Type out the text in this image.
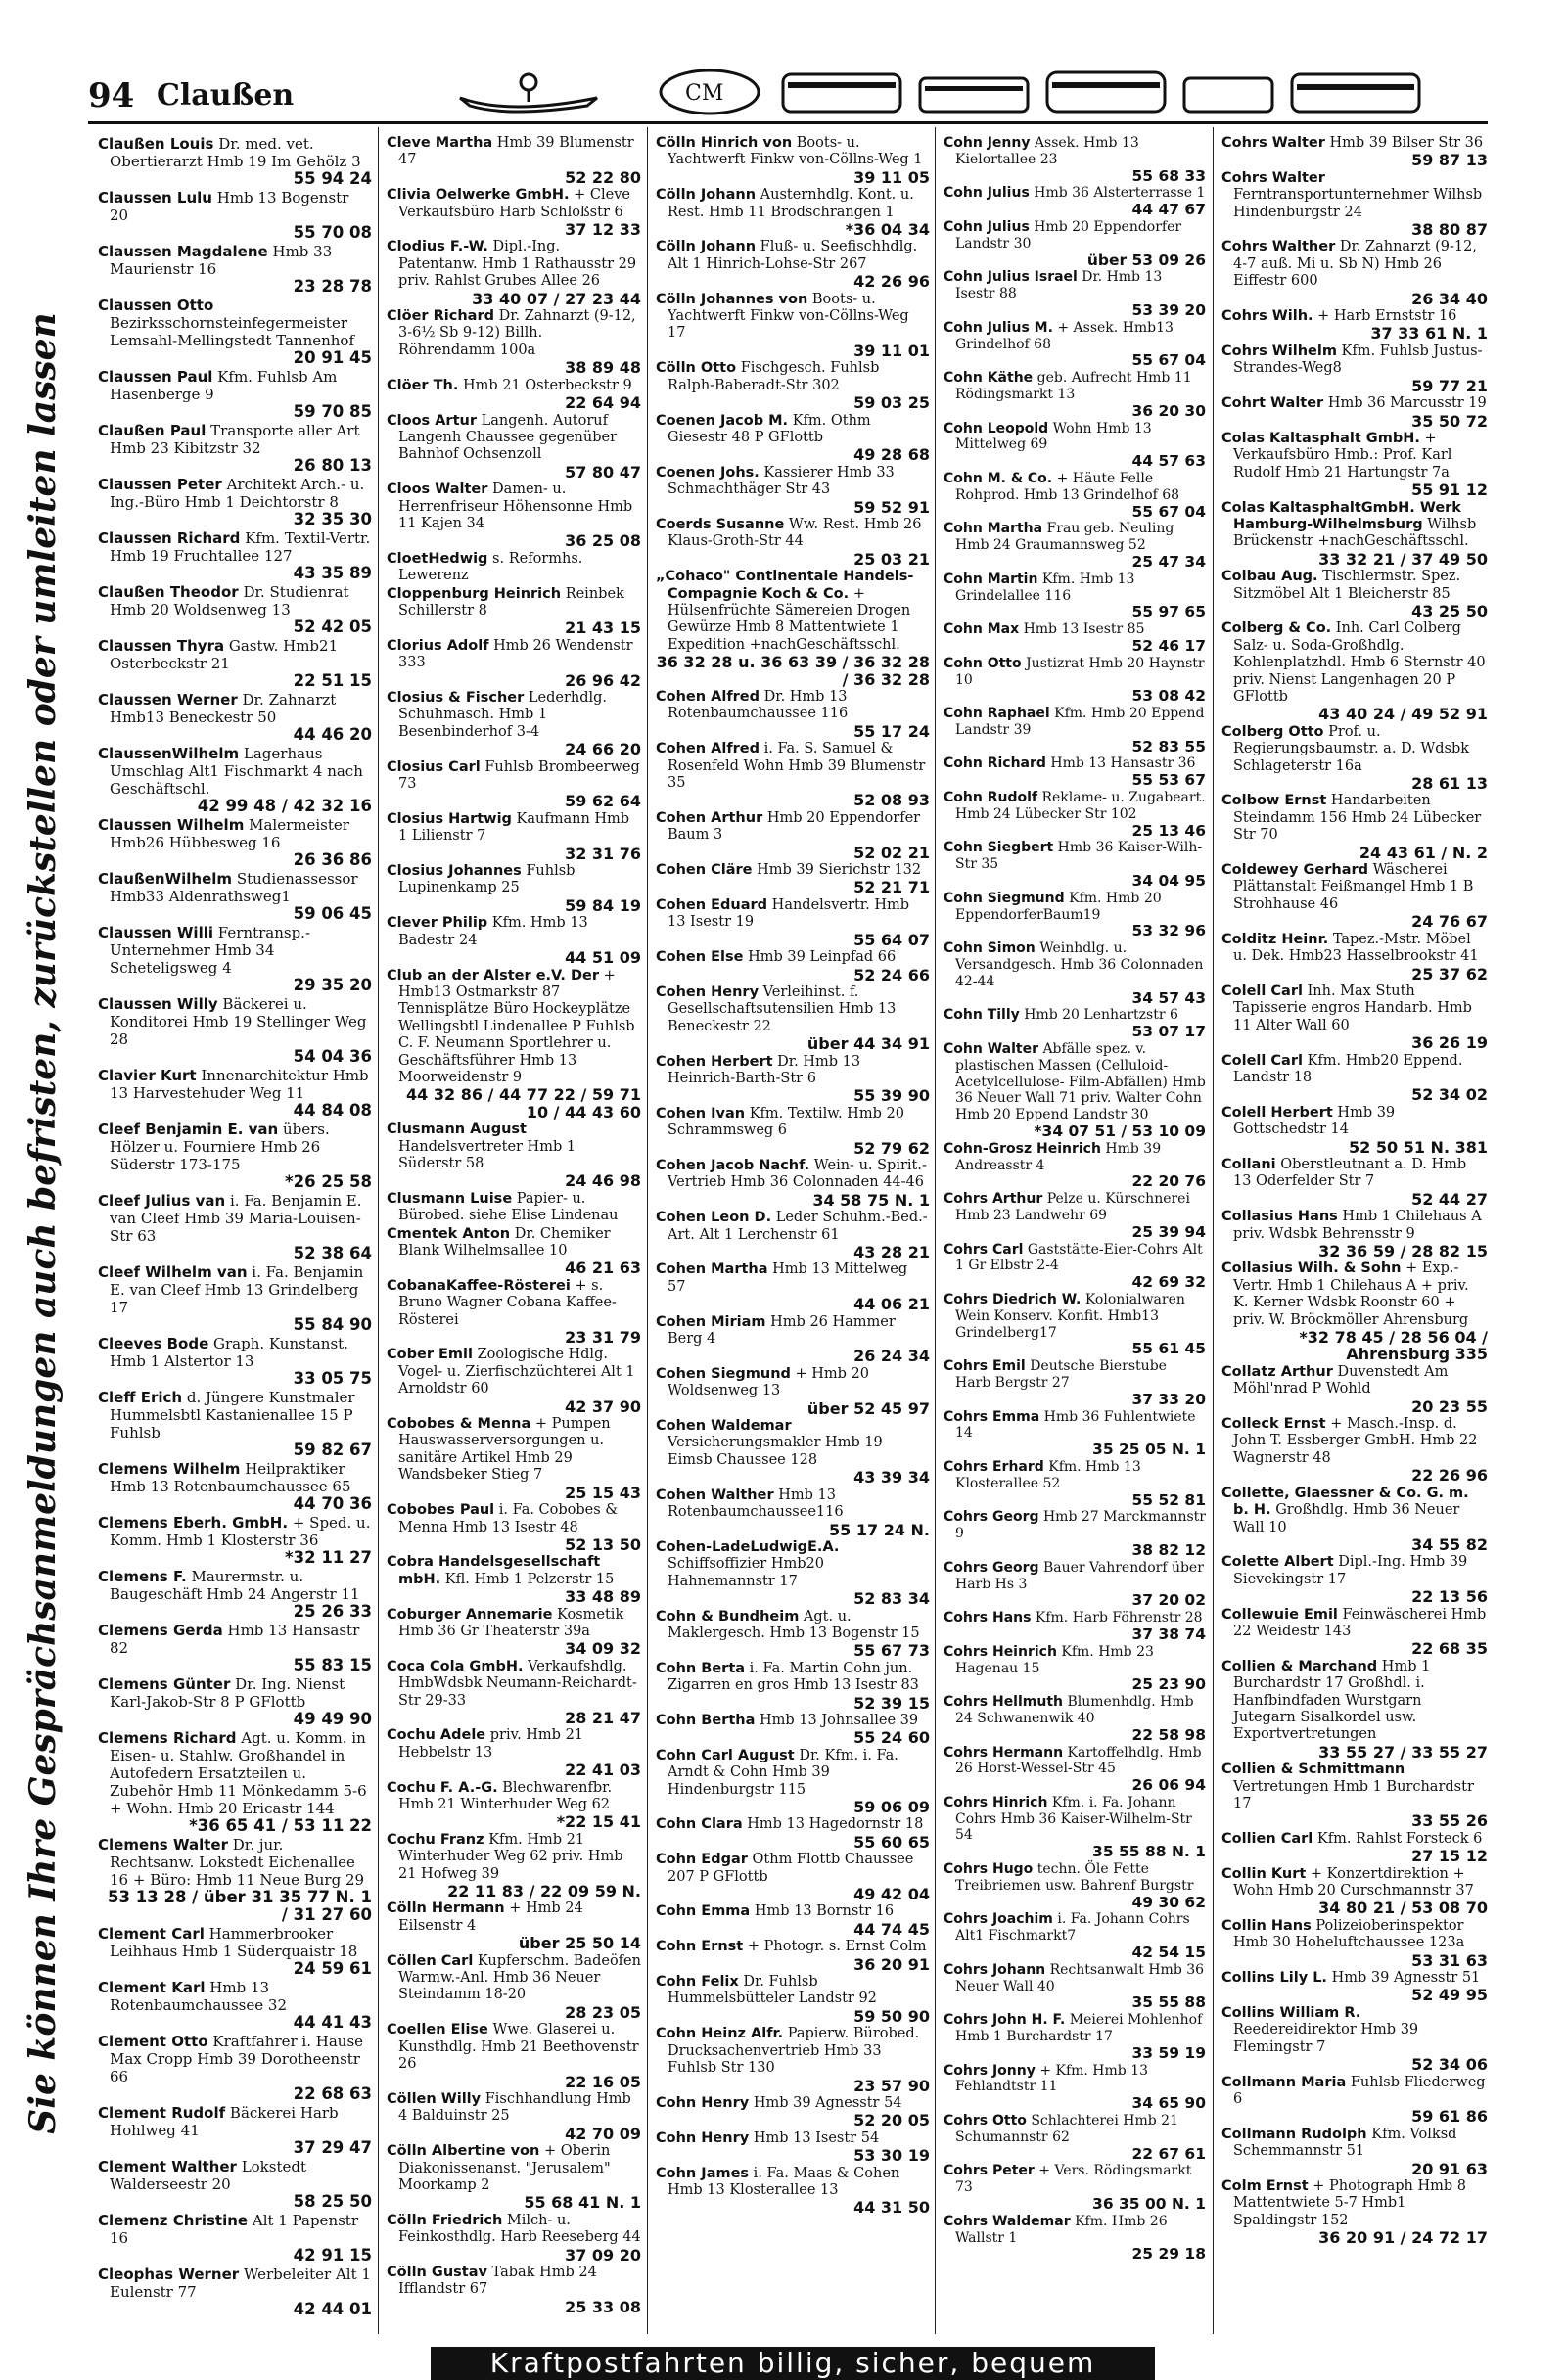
94 Claußen	CM
Sie können Ihre Gesprächsanmeldungen auch befristen, zurückstellen oder umleiten lassen
Claußen Louis Dr. med. vet. Obertierarzt Hmb 19 Im Gehölz 3
55 94 24
Claussen Lulu Hmb 13 Bogenstr 20
55 70 08
Claussen Magdalene Hmb 33 Maurienstr 16
23 28 78
Claussen Otto Bezirksschornsteinfegermeister Lemsahl-Mellingstedt Tannenhof
20 91 45
Claussen Paul Kfm. Fuhlsb Am Hasenberge 9
59 70 85
Claußen Paul Transporte aller Art Hmb 23 Kibitzstr 32
26 80 13
Claussen Peter Architekt Arch.- u. Ing.-Büro Hmb 1 Deichtorstr 8
32 35 30
Claussen Richard Kfm. Textil-Vertr. Hmb 19 Fruchtallee 127
43 35 89
Claußen Theodor Dr. Studienrat Hmb 20 Woldsenweg 13
52 42 05
Claussen Thyra Gastw. Hmb21 Osterbeckstr 21
22 51 15
Claussen Werner Dr. Zahnarzt Hmb13 Beneckestr 50
44 46 20
ClaussenWilhelm Lagerhaus Umschlag Alt1 Fischmarkt 4 nach Geschäftschl.
42 99 48 / 42 32 16
Claussen Wilhelm Malermeister Hmb26 Hübbesweg 16
26 36 86
ClaußenWilhelm Studienassessor Hmb33 Aldenrathsweg1
59 06 45
Claussen Willi Ferntransp.-Unternehmer Hmb 34 Scheteligsweg 4
29 35 20
Claussen Willy Bäckerei u. Konditorei Hmb 19 Stellinger Weg 28
54 04 36
Clavier Kurt Innenarchitektur Hmb 13 Harvestehuder Weg 11
44 84 08
Cleef Benjamin E. van übers. Hölzer u. Fourniere Hmb 26 Süderstr 173-175
*26 25 58
Cleef Julius van i. Fa. Benjamin E. van Cleef Hmb 39 Maria-Louisen-Str 63
52 38 64
Cleef Wilhelm van i. Fa. Benjamin E. van Cleef Hmb 13 Grindelberg 17
55 84 90
Cleeves Bode Graph. Kunstanst. Hmb 1 Alstertor 13
33 05 75
Cleff Erich d. Jüngere Kunstmaler Hummelsbtl Kastanienallee 15 P Fuhlsb
59 82 67
Clemens Wilhelm Heilpraktiker Hmb 13 Rotenbaumchaussee 65
44 70 36
Clemens Eberh. GmbH. + Sped. u. Komm. Hmb 1 Klosterstr 36
*32 11 27
Clemens F. Maurermstr. u. Baugeschäft Hmb 24 Angerstr 11
25 26 33
Clemens Gerda Hmb 13 Hansastr 82
55 83 15
Clemens Günter Dr. Ing. Nienst Karl-Jakob-Str 8 P GFlottb
49 49 90
Clemens Richard Agt. u. Komm. in Eisen- u. Stahlw. Großhandel in Autofedern Ersatzteilen u. Zubehör Hmb 11 Mönkedamm 5-6 + Wohn. Hmb 20 Ericastr 144
*36 65 41 / 53 11 22
Clemens Walter Dr. jur. Rechtsanw. Lokstedt Eichenallee 16 + Büro: Hmb 11 Neue Burg 29
53 13 28 / über 31 35 77 N. 1 / 31 27 60
Clement Carl Hammerbrooker Leihhaus Hmb 1 Süderquaistr 18
24 59 61
Clement Karl Hmb 13 Rotenbaumchaussee 32
44 41 43
Clement Otto Kraftfahrer i. Hause Max Cropp Hmb 39 Dorotheenstr 66
22 68 63
Clement Rudolf Bäckerei Harb Hohlweg 41
37 29 47
Clement Walther Lokstedt Walderseestr 20
58 25 50
Clemenz Christine Alt 1 Papenstr 16
42 91 15
Cleophas Werner Werbeleiter Alt 1 Eulenstr 77
42 44 01
Cleve Martha Hmb 39 Blumenstr 47
52 22 80
Clivia Oelwerke GmbH. + Cleve Verkaufsbüro Harb Schloßstr 6
37 12 33
Clodius F.-W. Dipl.-Ing. Patentanw. Hmb 1 Rathausstr 29 priv. Rahlst Grubes Allee 26
33 40 07 / 27 23 44
Clöer Richard Dr. Zahnarzt (9-12, 3-6½ Sb 9-12) Billh. Röhrendamm 100a
38 89 48
Clöer Th. Hmb 21 Osterbeckstr 9
22 64 94
Cloos Artur Langenh. Autoruf Langenh Chaussee gegenüber Bahnhof Ochsenzoll
57 80 47
Cloos Walter Damen- u. Herrenfriseur Höhensonne Hmb 11 Kajen 34
36 25 08
CloetHedwig s. Reformhs. Lewerenz
Cloppenburg Heinrich Reinbek Schillerstr 8
21 43 15
Clorius Adolf Hmb 26 Wendenstr 333
26 96 42
Closius & Fischer Lederhdlg. Schuhmasch. Hmb 1 Besenbinderhof 3-4
24 66 20
Closius Carl Fuhlsb Brombeerweg 73
59 62 64
Closius Hartwig Kaufmann Hmb 1 Lilienstr 7
32 31 76
Closius Johannes Fuhlsb Lupinenkamp 25
59 84 19
Clever Philip Kfm. Hmb 13 Badestr 24
44 51 09
Club an der Alster e.V. Der + Hmb13 Ostmarkstr 87 Tennisplätze Büro Hockeyplätze Wellingsbtl Lindenallee P Fuhlsb C. F. Neumann Sportlehrer u. Geschäftsführer Hmb 13 Moorweidenstr 9
44 32 86 / 44 77 22 / 59 71 10 / 44 43 60
Clusmann August Handelsvertreter Hmb 1 Süderstr 58
24 46 98
Clusmann Luise Papier- u. Bürobed. siehe Elise Lindenau
Cmentek Anton Dr. Chemiker Blank Wilhelmsallee 10
46 21 63
CobanaKaffee-Rösterei + s. Bruno Wagner Cobana Kaffee-Rösterei
23 31 79
Cober Emil Zoologische Hdlg. Vogel- u. Zierfischzüchterei Alt 1 Arnoldstr 60
42 37 90
Cobobes & Menna + Pumpen Hauswasserversorgungen u. sanitäre Artikel Hmb 29 Wandsbeker Stieg 7
25 15 43
Cobobes Paul i. Fa. Cobobes & Menna Hmb 13 Isestr 48
52 13 50
Cobra Handelsgesellschaft mbH. Kfl. Hmb 1 Pelzerstr 15
33 48 89
Coburger Annemarie Kosmetik Hmb 36 Gr Theaterstr 39a
34 09 32
Coca Cola GmbH. Verkaufshdlg. HmbWdsbk Neumann-Reichardt-Str 29-33
28 21 47
Cochu Adele priv. Hmb 21 Hebbelstr 13
22 41 03
Cochu F. A.-G. Blechwarenfbr. Hmb 21 Winterhuder Weg 62
*22 15 41
Cochu Franz Kfm. Hmb 21 Winterhuder Weg 62 priv. Hmb 21 Hofweg 39
22 11 83 / 22 09 59 N.
Cölln Hermann + Hmb 24 Eilsenstr 4
über 25 50 14
Cöllen Carl Kupferschm. Badeöfen Warmw.-Anl. Hmb 36 Neuer Steindamm 18-20
28 23 05
Coellen Elise Wwe. Glaserei u. Kunsthdlg. Hmb 21 Beethovenstr 26
22 16 05
Cöllen Willy Fischhandlung Hmb 4 Balduinstr 25
42 70 09
Cölln Albertine von + Oberin Diakonissenanst. "Jerusalem" Moorkamp 2
55 68 41 N. 1
Cölln Friedrich Milch- u. Feinkosthdlg. Harb Reeseberg 44
37 09 20
Cölln Gustav Tabak Hmb 24 Ifflandstr 67
25 33 08
Cölln Hinrich von Boots- u. Yachtwerft Finkw von-Cöllns-Weg 1
39 11 05
Cölln Johann Austernhdlg. Kont. u. Rest. Hmb 11 Brodschrangen 1
*36 04 34
Cölln Johann Fluß- u. Seefischhdlg. Alt 1 Hinrich-Lohse-Str 267
42 26 96
Cölln Johannes von Boots- u. Yachtwerft Finkw von-Cöllns-Weg 17
39 11 01
Cölln Otto Fischgesch. Fuhlsb Ralph-Baberadt-Str 302
59 03 25
Coenen Jacob M. Kfm. Othm Giesestr 48 P GFlottb
49 28 68
Coenen Johs. Kassierer Hmb 33 Schmachthäger Str 43
59 52 91
Coerds Susanne Ww. Rest. Hmb 26 Klaus-Groth-Str 44
25 03 21
„Cohaco" Continentale Handels-Compagnie Koch & Co. + Hülsenfrüchte Sämereien Drogen Gewürze Hmb 8 Mattentwiete 1 Expedition +nachGeschäftsschl.
36 32 28 u. 36 63 39 / 36 32 28 / 36 32 28
Cohen Alfred Dr. Hmb 13 Rotenbaumchaussee 116
55 17 24
Cohen Alfred i. Fa. S. Samuel & Rosenfeld Wohn Hmb 39 Blumenstr 35
52 08 93
Cohen Arthur Hmb 20 Eppendorfer Baum 3
52 02 21
Cohen Cläre Hmb 39 Sierichstr 132
52 21 71
Cohen Eduard Handelsvertr. Hmb 13 Isestr 19
55 64 07
Cohen Else Hmb 39 Leinpfad 66
52 24 66
Cohen Henry Verleihinst. f. Gesellschaftsutensilien Hmb 13 Beneckestr 22
über 44 34 91
Cohen Herbert Dr. Hmb 13 Heinrich-Barth-Str 6
55 39 90
Cohen Ivan Kfm. Textilw. Hmb 20 Schrammsweg 6
52 79 62
Cohen Jacob Nachf. Wein- u. Spirit.-Vertrieb Hmb 36 Colonnaden 44-46
34 58 75 N. 1
Cohen Leon D. Leder Schuhm.-Bed.-Art. Alt 1 Lerchenstr 61
43 28 21
Cohen Martha Hmb 13 Mittelweg 57
44 06 21
Cohen Miriam Hmb 26 Hammer Berg 4
26 24 34
Cohen Siegmund + Hmb 20 Woldsenweg 13
über 52 45 97
Cohen Waldemar Versicherungsmakler Hmb 19 Eimsb Chaussee 128
43 39 34
Cohen Walther Hmb 13 Rotenbaumchaussee116
55 17 24 N.
Cohen-LadeLudwigE.A. Schiffsoffizier Hmb20 Hahnemannstr 17
52 83 34
Cohn & Bundheim Agt. u. Maklergesch. Hmb 13 Bogenstr 15
55 67 73
Cohn Berta i. Fa. Martin Cohn jun. Zigarren en gros Hmb 13 Isestr 83
52 39 15
Cohn Bertha Hmb 13 Johnsallee 39
55 24 60
Cohn Carl August Dr. Kfm. i. Fa. Arndt & Cohn Hmb 39 Hindenburgstr 115
59 06 09
Cohn Clara Hmb 13 Hagedornstr 18
55 60 65
Cohn Edgar Othm Flottb Chaussee 207 P GFlottb
49 42 04
Cohn Emma Hmb 13 Bornstr 16
44 74 45
Cohn Ernst + Photogr. s. Ernst Colm
36 20 91
Cohn Felix Dr. Fuhlsb Hummelsbütteler Landstr 92
59 50 90
Cohn Heinz Alfr. Papierw. Bürobed. Drucksachenvertrieb Hmb 33 Fuhlsb Str 130
23 57 90
Cohn Henry Hmb 39 Agnesstr 54
52 20 05
Cohn Henry Hmb 13 Isestr 54
53 30 19
Cohn James i. Fa. Maas & Cohen Hmb 13 Klosterallee 13
44 31 50
Cohn Jenny Assek. Hmb 13 Kielortallee 23
55 68 33
Cohn Julius Hmb 36 Alsterterrasse 1
44 47 67
Cohn Julius Hmb 20 Eppendorfer Landstr 30
über 53 09 26
Cohn Julius Israel Dr. Hmb 13 Isestr 88
53 39 20
Cohn Julius M. + Assek. Hmb13 Grindelhof 68
55 67 04
Cohn Käthe geb. Aufrecht Hmb 11 Rödingsmarkt 13
36 20 30
Cohn Leopold Wohn Hmb 13 Mittelweg 69
44 57 63
Cohn M. & Co. + Häute Felle Rohprod. Hmb 13 Grindelhof 68
55 67 04
Cohn Martha Frau geb. Neuling Hmb 24 Graumannsweg 52
25 47 34
Cohn Martin Kfm. Hmb 13 Grindelallee 116
55 97 65
Cohn Max Hmb 13 Isestr 85
52 46 17
Cohn Otto Justizrat Hmb 20 Haynstr 10
53 08 42
Cohn Raphael Kfm. Hmb 20 Eppend Landstr 39
52 83 55
Cohn Richard Hmb 13 Hansastr 36
55 53 67
Cohn Rudolf Reklame- u. Zugabeart. Hmb 24 Lübecker Str 102
25 13 46
Cohn Siegbert Hmb 36 Kaiser-Wilh-Str 35
34 04 95
Cohn Siegmund Kfm. Hmb 20 EppendorferBaum19
53 32 96
Cohn Simon Weinhdlg. u. Versandgesch. Hmb 36 Colonnaden 42-44
34 57 43
Cohn Tilly Hmb 20 Lenhartzstr 6
53 07 17
Cohn Walter Abfälle spez. v. plastischen Massen (Celluloid-Acetylcellulose- Film-Abfällen) Hmb 36 Neuer Wall 71 priv. Walter Cohn Hmb 20 Eppend Landstr 30
*34 07 51 / 53 10 09
Cohn-Grosz Heinrich Hmb 39 Andreasstr 4
22 20 76
Cohrs Arthur Pelze u. Kürschnerei Hmb 23 Landwehr 69
25 39 94
Cohrs Carl Gaststätte-Eier-Cohrs Alt 1 Gr Elbstr 2-4
42 69 32
Cohrs Diedrich W. Kolonialwaren Wein Konserv. Konfit. Hmb13 Grindelberg17
55 61 45
Cohrs Emil Deutsche Bierstube Harb Bergstr 27
37 33 20
Cohrs Emma Hmb 36 Fuhlentwiete 14
35 25 05 N. 1
Cohrs Erhard Kfm. Hmb 13 Klosterallee 52
55 52 81
Cohrs Georg Hmb 27 Marckmannstr 9
38 82 12
Cohrs Georg Bauer Vahrendorf über Harb Hs 3
37 20 02
Cohrs Hans Kfm. Harb Föhrenstr 28
37 38 74
Cohrs Heinrich Kfm. Hmb 23 Hagenau 15
25 23 90
Cohrs Hellmuth Blumenhdlg. Hmb 24 Schwanenwik 40
22 58 98
Cohrs Hermann Kartoffelhdlg. Hmb 26 Horst-Wessel-Str 45
26 06 94
Cohrs Hinrich Kfm. i. Fa. Johann Cohrs Hmb 36 Kaiser-Wilhelm-Str 54
35 55 88 N. 1
Cohrs Hugo techn. Öle Fette Treibriemen usw. Bahrenf Burgstr
49 30 62
Cohrs Joachim i. Fa. Johann Cohrs Alt1 Fischmarkt7
42 54 15
Cohrs Johann Rechtsanwalt Hmb 36 Neuer Wall 40
35 55 88
Cohrs John H. F. Meierei Mohlenhof Hmb 1 Burchardstr 17
33 59 19
Cohrs Jonny + Kfm. Hmb 13 Fehlandtstr 11
34 65 90
Cohrs Otto Schlachterei Hmb 21 Schumannstr 62
22 67 61
Cohrs Peter + Vers. Rödingsmarkt 73
36 35 00 N. 1
Cohrs Waldemar Kfm. Hmb 26 Wallstr 1
25 29 18
Cohrs Walter Hmb 39 Bilser Str 36
59 87 13
Cohrs Walter Ferntransportunternehmer Wilhsb Hindenburgstr 24
38 80 87
Cohrs Walther Dr. Zahnarzt (9-12, 4-7 auß. Mi u. Sb N) Hmb 26 Eiffestr 600
26 34 40
Cohrs Wilh. + Harb Ernststr 16
37 33 61 N. 1
Cohrs Wilhelm Kfm. Fuhlsb Justus-Strandes-Weg8
59 77 21
Cohrt Walter Hmb 36 Marcusstr 19
35 50 72
Colas Kaltasphalt GmbH. + Verkaufsbüro Hmb.: Prof. Karl Rudolf Hmb 21 Hartungstr 7a
55 91 12
Colas KaltasphaltGmbH. Werk Hamburg-Wilhelmsburg Wilhsb Brückenstr +nachGeschäftsschl.
33 32 21 / 37 49 50
Colbau Aug. Tischlermstr. Spez. Sitzmöbel Alt 1 Bleicherstr 85
43 25 50
Colberg & Co. Inh. Carl Colberg Salz- u. Soda-Großhdlg. Kohlenplatzhdl. Hmb 6 Sternstr 40 priv. Nienst Langenhagen 20 P GFlottb
43 40 24 / 49 52 91
Colberg Otto Prof. u. Regierungsbaumstr. a. D. Wdsbk Schlageterstr 16a
28 61 13
Colbow Ernst Handarbeiten Steindamm 156 Hmb 24 Lübecker Str 70
24 43 61 / N. 2
Coldewey Gerhard Wäscherei Plättanstalt Feißmangel Hmb 1 B Strohhause 46
24 76 67
Colditz Heinr. Tapez.-Mstr. Möbel u. Dek. Hmb23 Hasselbrookstr 41
25 37 62
Colell Carl Inh. Max Stuth Tapisserie engros Handarb. Hmb 11 Alter Wall 60
36 26 19
Colell Carl Kfm. Hmb20 Eppend. Landstr 18
52 34 02
Colell Herbert Hmb 39 Gottschedstr 14
52 50 51 N. 381
Collani Oberstleutnant a. D. Hmb 13 Oderfelder Str 7
52 44 27
Collasius Hans Hmb 1 Chilehaus A priv. Wdsbk Behrensstr 9
32 36 59 / 28 82 15
Collasius Wilh. & Sohn + Exp.-Vertr. Hmb 1 Chilehaus A + priv. K. Kerner Wdsbk Roonstr 60 + priv. W. Bröckmöller Ahrensburg
*32 78 45 / 28 56 04 / Ahrensburg 335
Collatz Arthur Duvenstedt Am Möhl'nrad P Wohld
20 23 55
Colleck Ernst + Masch.-Insp. d. John T. Essberger GmbH. Hmb 22 Wagnerstr 48
22 26 96
Collette, Glaessner & Co. G. m. b. H. Großhdlg. Hmb 36 Neuer Wall 10
34 55 82
Colette Albert Dipl.-Ing. Hmb 39 Sievekingstr 17
22 13 56
Collewuie Emil Feinwäscherei Hmb 22 Weidestr 143
22 68 35
Collien & Marchand Hmb 1 Burchardstr 17 Großhdl. i. Hanfbindfaden Wurstgarn Jutegarn Sisalkordel usw. Exportvertretungen
33 55 27 / 33 55 27
Collien & Schmittmann Vertretungen Hmb 1 Burchardstr 17
33 55 26
Collien Carl Kfm. Rahlst Forsteck 6
27 15 12
Collin Kurt + Konzertdirektion + Wohn Hmb 20 Curschmannstr 37
34 80 21 / 53 08 70
Collin Hans Polizeioberinspektor Hmb 30 Hoheluftchaussee 123a
53 31 63
Collins Lily L. Hmb 39 Agnesstr 51
52 49 95
Collins William R. Reedereidirektor Hmb 39 Flemingstr 7
52 34 06
Collmann Maria Fuhlsb Fliederweg 6
59 61 86
Collmann Rudolph Kfm. Volksd Schemmannstr 51
20 91 63
Colm Ernst + Photograph Hmb 8 Mattentwiete 5-7 Hmb1 Spaldingstr 152
36 20 91 / 24 72 17
Kraftpostfahrten billig, sicher, bequem
